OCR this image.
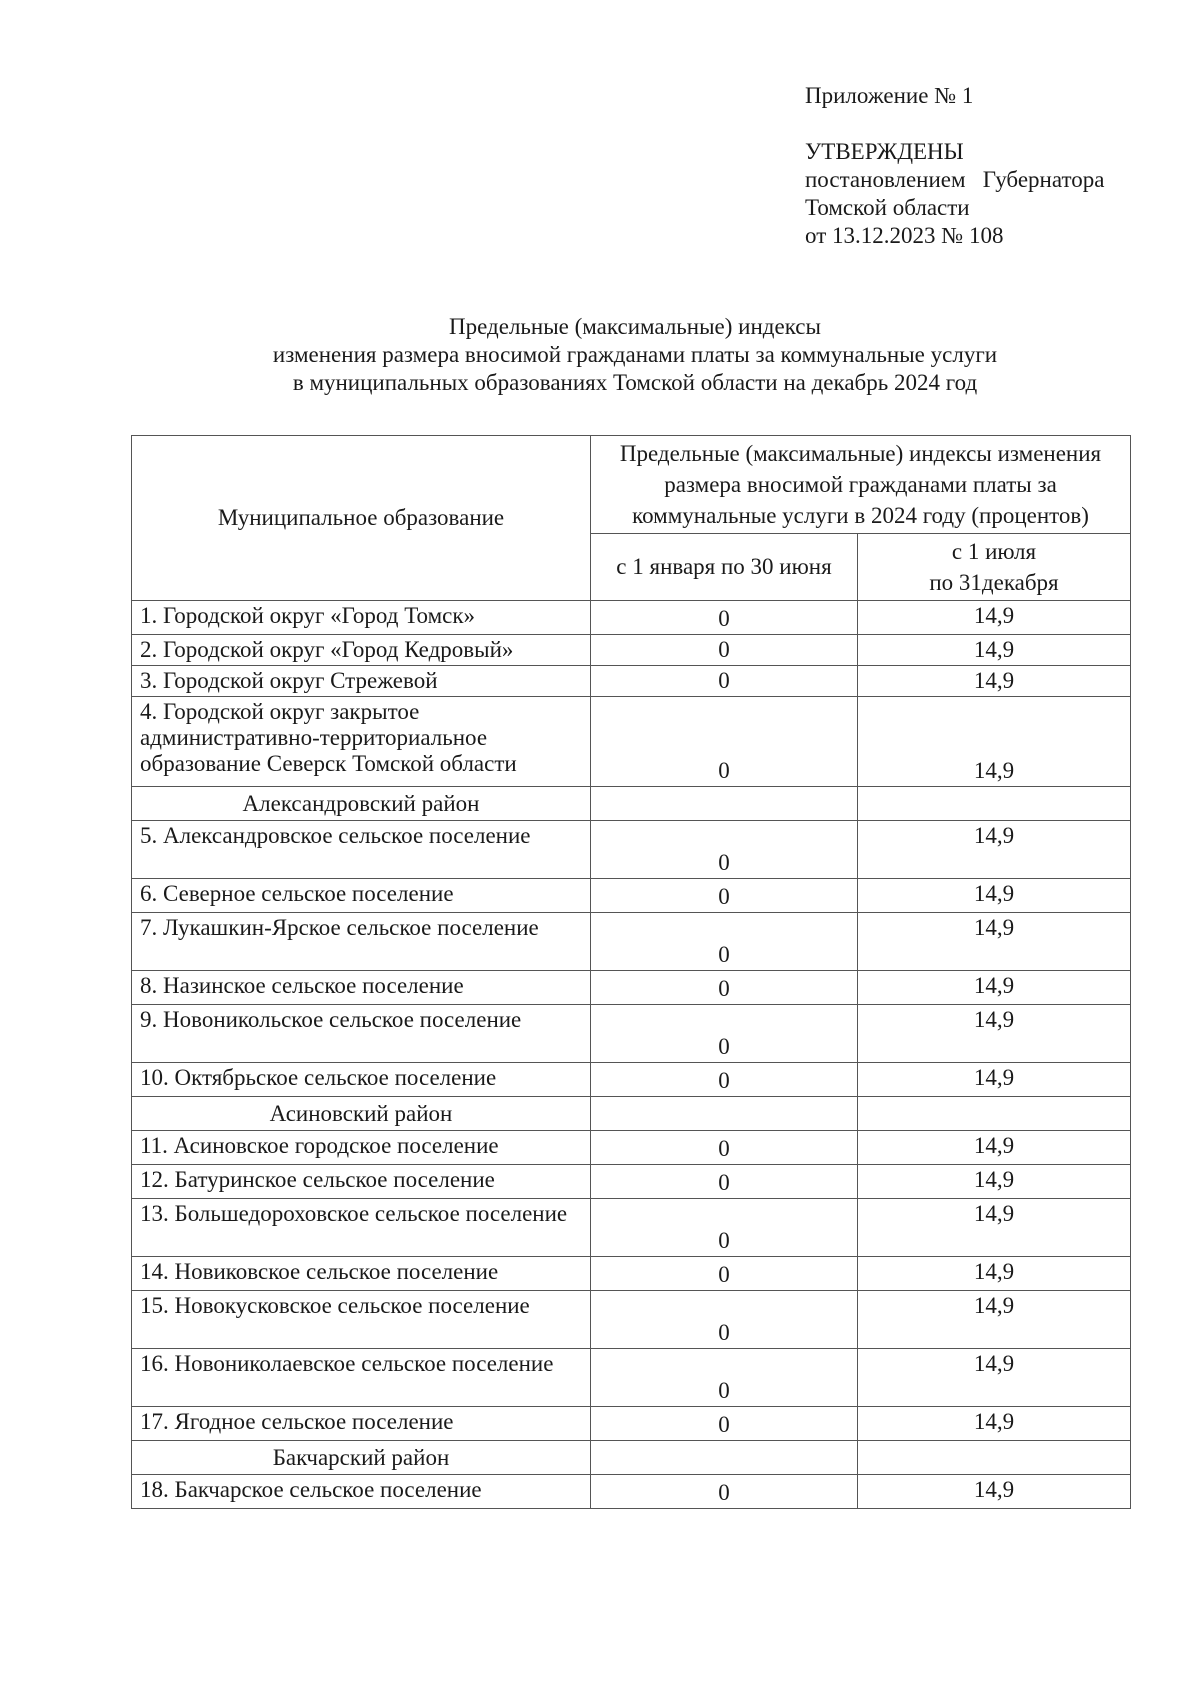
Приложение № 1
УТВЕРЖДЕНЫ
постановлением   Губернатора
Томской области
от 13.12.2023 № 108
Предельные (максимальные) индексы
изменения размера вносимой гражданами платы за коммунальные услуги
в муниципальных образованиях Томской области на декабрь 2024 год
Муниципальное образование	Предельные (максимальные) индексы изменения размера вносимой гражданами платы за коммунальные услуги в 2024 году (процентов)	
	с 1 января по 30 июня	с 1 июля
по 31декабря

1. Городской округ «Город Томск»	0	14,9
2. Городской округ «Город Кедровый»	0	14,9
3. Городской округ Стрежевой	0	14,9
4. Городской округ закрытое административно-территориальное образование Северск Томской области	0	14,9
Александровский район		
5. Александровское сельское поселение	0	14,9
6. Северное сельское поселение	0	14,9
7. Лукашкин-Ярское сельское поселение	0	14,9
8. Назинское сельское поселение	0	14,9
9. Новоникольское сельское поселение	0	14,9
10. Октябрьское сельское поселение	0	14,9
Асиновский район		
11. Асиновское городское поселение	0	14,9
12. Батуринское сельское поселение	0	14,9
13. Большедороховское сельское поселение	0	14,9
14. Новиковское сельское поселение	0	14,9
15. Новокусковское сельское поселение	0	14,9
16. Новониколаевское сельское поселение	0	14,9
17. Ягодное сельское поселение	0	14,9
Бакчарский район		
18. Бакчарское сельское поселение	0	14,9
